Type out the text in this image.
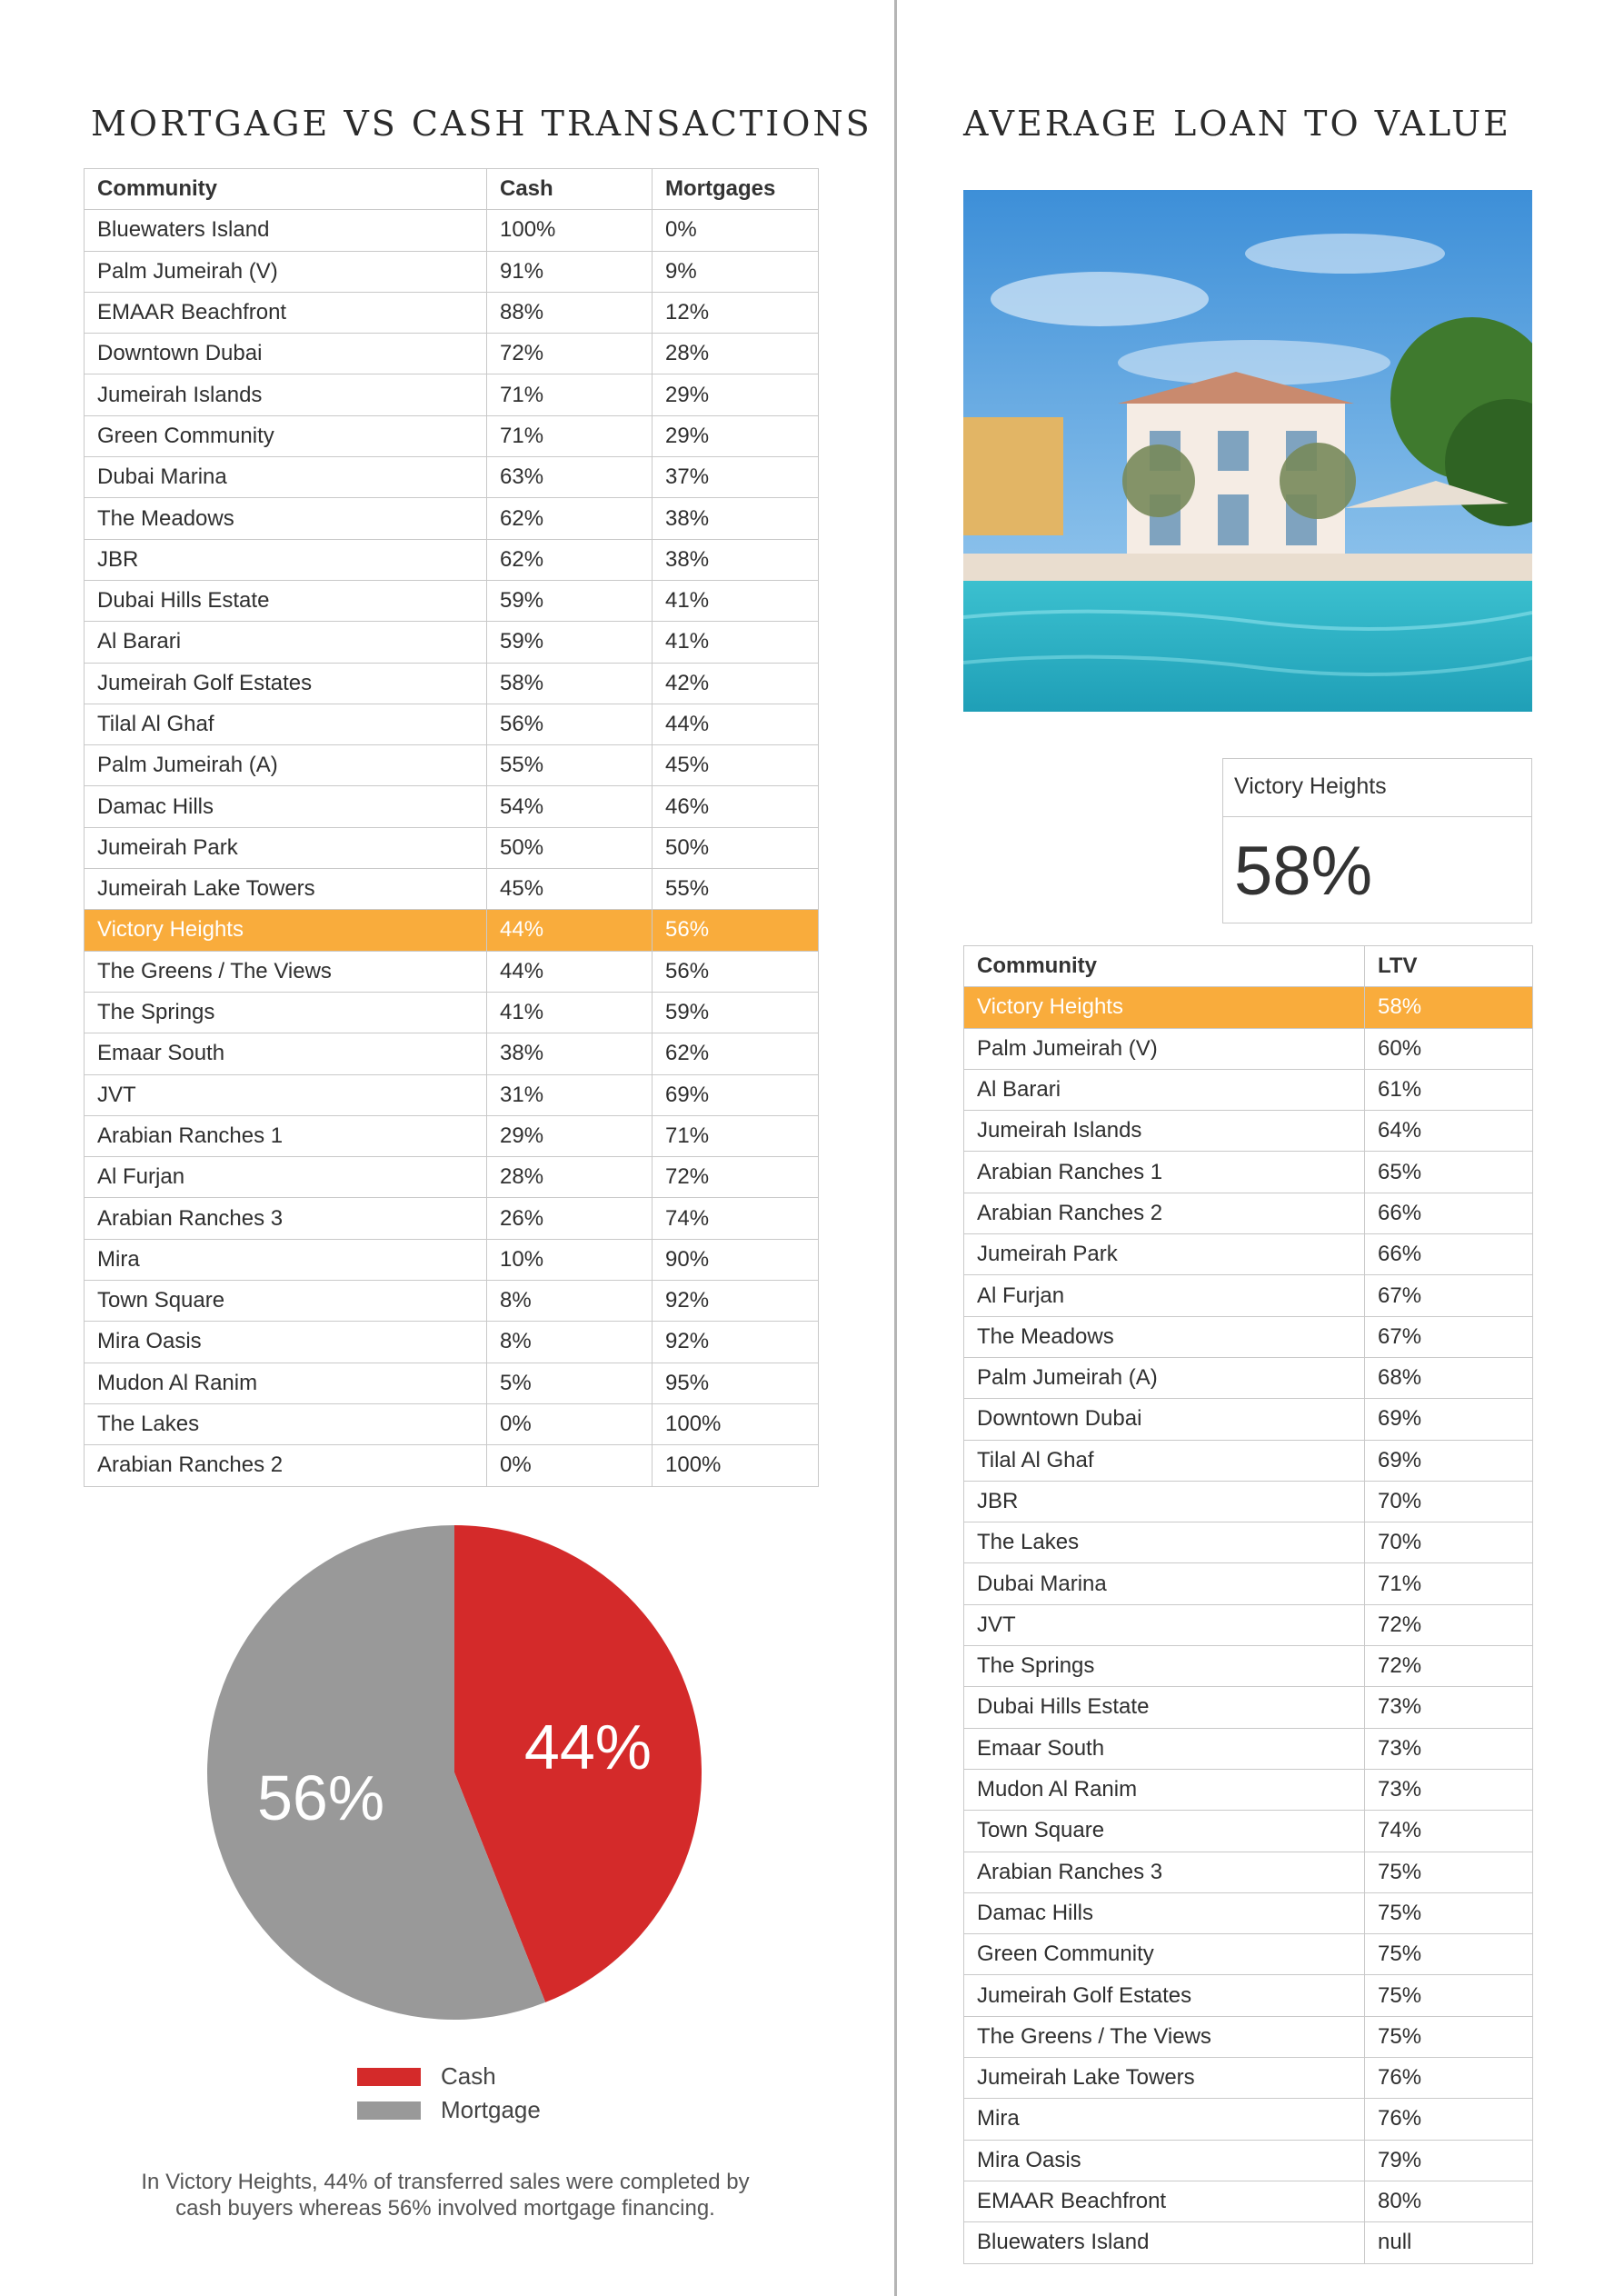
MORTGAGE VS CASH TRANSACTIONS	AVERAGE LOAN TO VALUE
Community	Cash	Mortgages
Bluewaters Island	100%	0%
Palm Jumeirah (V)	91%	9%
EMAAR Beachfront	88%	12%
Downtown Dubai	72%	28%
Jumeirah Islands	71%	29%
Green Community	71%	29%
Dubai Marina	63%	37%
The Meadows	62%	38%
JBR	62%	38%
Dubai Hills Estate	59%	41%
Al Barari	59%	41%
Jumeirah Golf Estates	58%	42%
Tilal Al Ghaf	56%	44%
Palm Jumeirah (A)	55%	45%
Damac Hills	54%	46%
Jumeirah Park	50%	50%
Jumeirah Lake Towers	45%	55%
Victory Heights	44%	56%
The Greens / The Views	44%	56%
The Springs	41%	59%
Emaar South	38%	62%
JVT	31%	69%
Arabian Ranches 1	29%	71%
Al Furjan	28%	72%
Arabian Ranches 3	26%	74%
Mira	10%	90%
Town Square	8%	92%
Mira Oasis	8%	92%
Mudon Al Ranim	5%	95%
The Lakes	0%	100%
Arabian Ranches 2	0%	100%
44%
56%
Cash
Mortgage

In Victory Heights, 44% of transferred sales were completed by cash buyers whereas 56% involved mortgage financing.

Victory Heights
58%
Community	LTV
Victory Heights	58%
Palm Jumeirah (V)	60%
Al Barari	61%
Jumeirah Islands	64%
Arabian Ranches 1	65%
Arabian Ranches 2	66%
Jumeirah Park	66%
Al Furjan	67%
The Meadows	67%
Palm Jumeirah (A)	68%
Downtown Dubai	69%
Tilal Al Ghaf	69%
JBR	70%
The Lakes	70%
Dubai Marina	71%
JVT	72%
The Springs	72%
Dubai Hills Estate	73%
Emaar South	73%
Mudon Al Ranim	73%
Town Square	74%
Arabian Ranches 3	75%
Damac Hills	75%
Green Community	75%
Jumeirah Golf Estates	75%
The Greens / The Views	75%
Jumeirah Lake Towers	76%
Mira	76%
Mira Oasis	79%
EMAAR Beachfront	80%
Bluewaters Island	null
